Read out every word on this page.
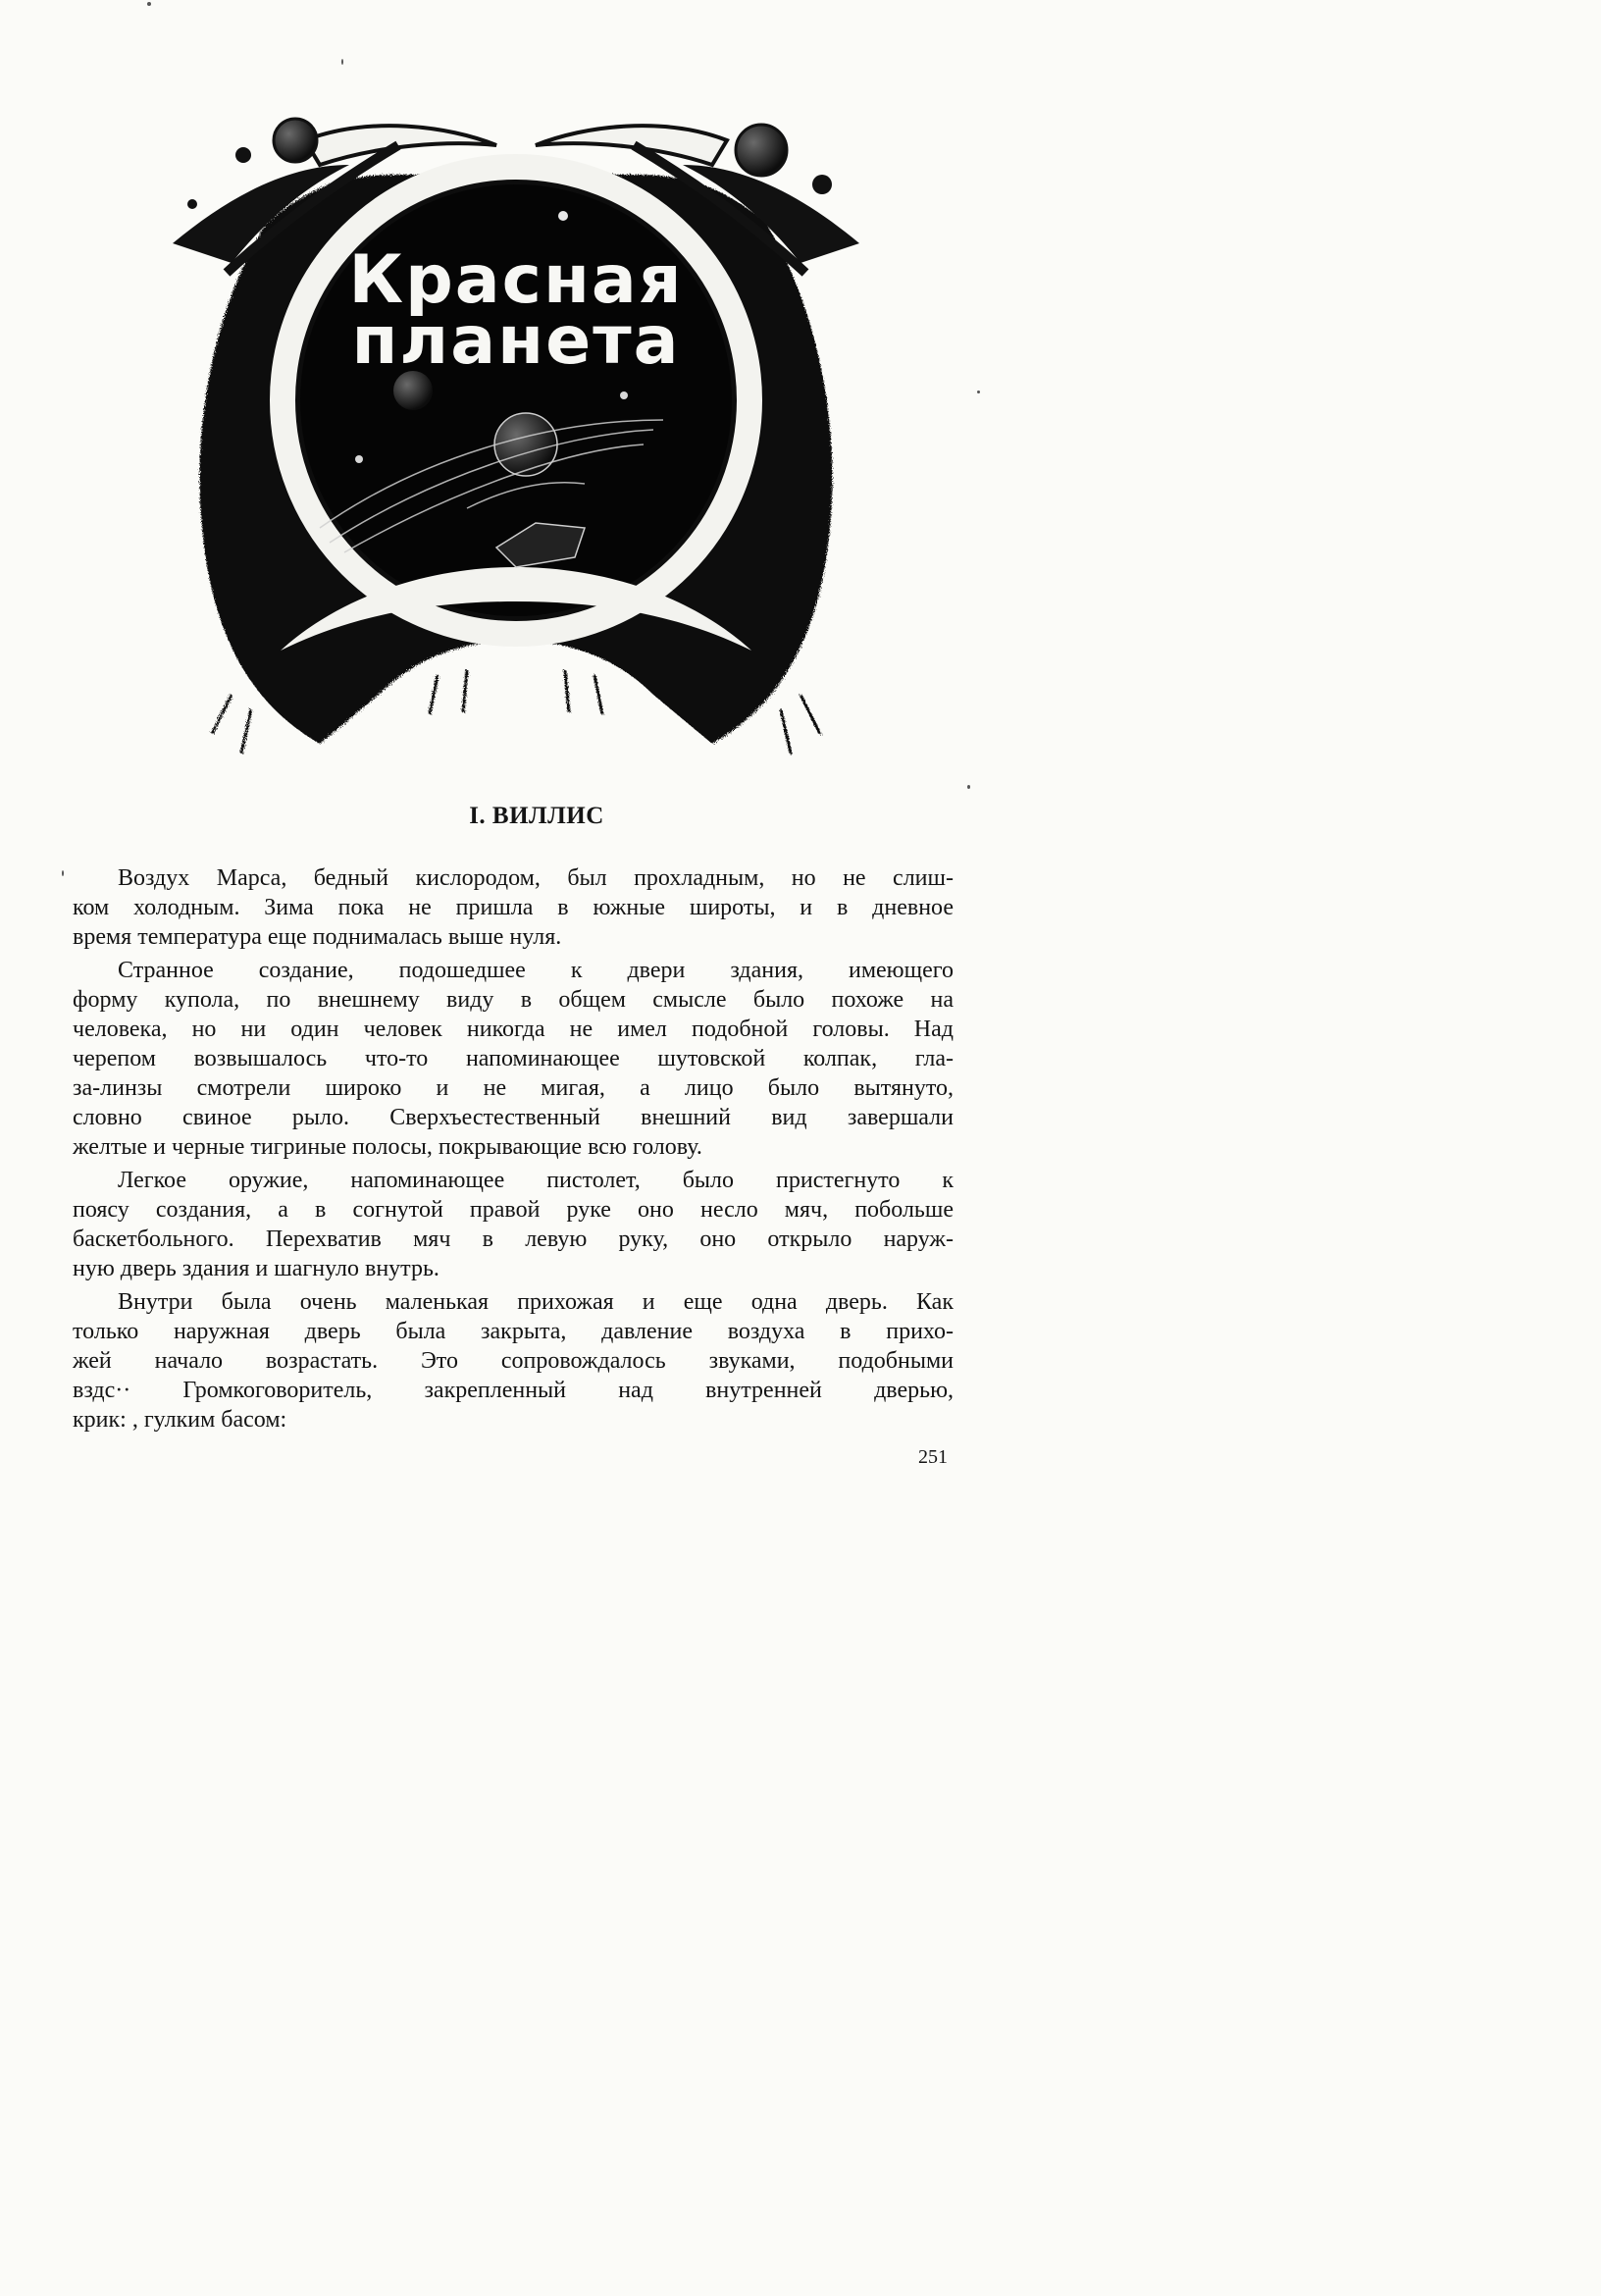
Красная
планета
I. ВИЛЛИС
Воздух Марса, бедный кислородом, был прохладным, но не слиш-
ком холодным. Зима пока не пришла в южные широты, и в дневное
время температура еще поднималась выше нуля.
Странное создание, подошедшее к двери здания, имеющего
форму купола, по внешнему виду в общем смысле было похоже на
человека, но ни один человек никогда не имел подобной головы. Над
черепом возвышалось что-то напоминающее шутовской колпак, гла-
за-линзы смотрели широко и не мигая, а лицо было вытянуто,
словно свиное рыло. Сверхъестественный внешний вид завершали
желтые и черные тигриные полосы, покрывающие всю голову.
Легкое оружие, напоминающее пистолет, было пристегнуто к
поясу создания, а в согнутой правой руке оно несло мяч, побольше
баскетбольного. Перехватив мяч в левую руку, оно открыло наруж-
ную дверь здания и шагнуло внутрь.
Внутри была очень маленькая прихожая и еще одна дверь. Как
только наружная дверь была закрыта, давление воздуха в прихо-
жей начало возрастать. Это сопровождалось звуками, подобными
вздс·· Громкоговоритель, закрепленный над внутренней дверью,
крик: , гулким басом:
251
